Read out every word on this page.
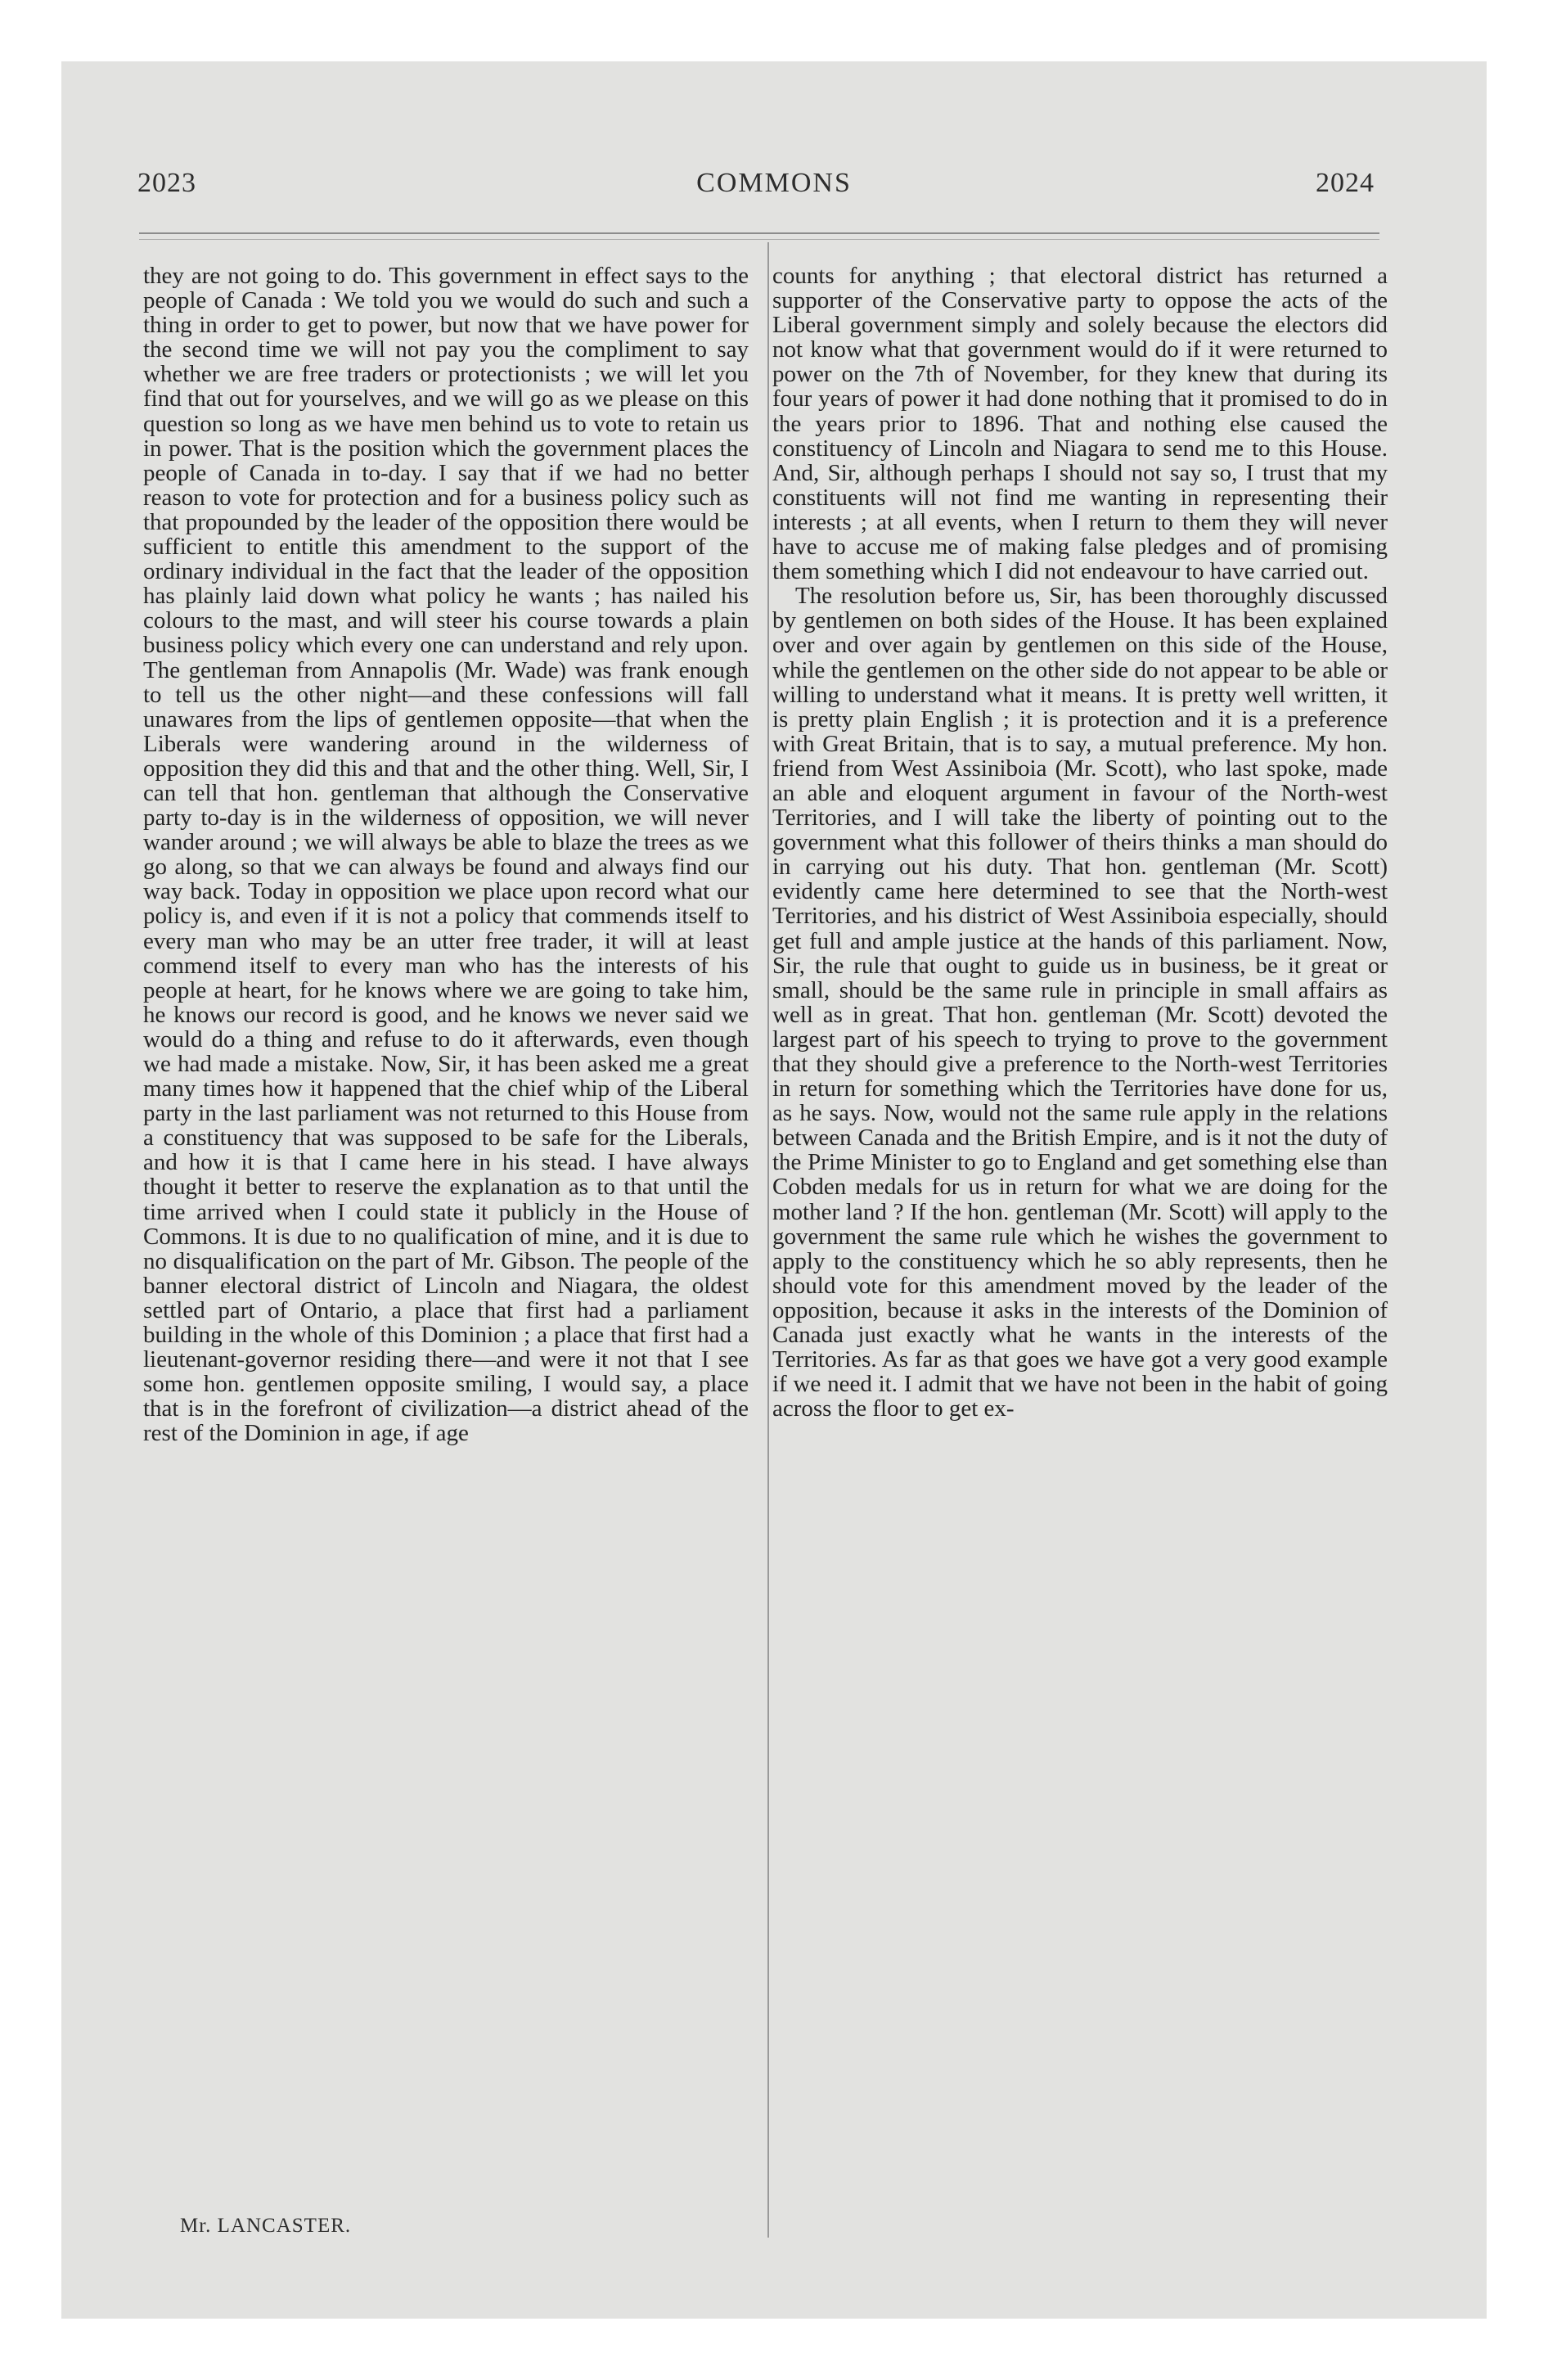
2023	COMMONS	2024

they are not going to do. This government in effect says to the people of Canada : We told you we would do such and such a thing in order to get to power, but now that we have power for the second time we will not pay you the compliment to say whether we are free traders or protectionists ; we will let you find that out for yourselves, and we will go as we please on this question so long as we have men behind us to vote to retain us in power. That is the position which the government places the people of Canada in to-day. I say that if we had no better reason to vote for protection and for a business policy such as that propounded by the leader of the opposition there would be sufficient to entitle this amendment to the support of the ordinary individual in the fact that the leader of the opposition has plainly laid down what policy he wants ; has nailed his colours to the mast, and will steer his course towards a plain business policy which every one can understand and rely upon. The gentleman from Annapolis (Mr. Wade) was frank enough to tell us the other night—and these confessions will fall unawares from the lips of gentlemen opposite—that when the Liberals were wandering around in the wilderness of opposition they did this and that and the other thing. Well, Sir, I can tell that hon. gentleman that although the Conservative party to-day is in the wilderness of opposition, we will never wander around ; we will always be able to blaze the trees as we go along, so that we can always be found and always find our way back. Today in opposition we place upon record what our policy is, and even if it is not a policy that commends itself to every man who may be an utter free trader, it will at least commend itself to every man who has the interests of his people at heart, for he knows where we are going to take him, he knows our record is good, and he knows we never said we would do a thing and refuse to do it afterwards, even though we had made a mistake. Now, Sir, it has been asked me a great many times how it happened that the chief whip of the Liberal party in the last parliament was not returned to this House from a constituency that was supposed to be safe for the Liberals, and how it is that I came here in his stead. I have always thought it better to reserve the explanation as to that until the time arrived when I could state it publicly in the House of Commons. It is due to no qualification of mine, and it is due to no disqualification on the part of Mr. Gibson. The people of the banner electoral district of Lincoln and Niagara, the oldest settled part of Ontario, a place that first had a parliament building in the whole of this Dominion ; a place that first had a lieutenant-governor residing there—and were it not that I see some hon. gentlemen opposite smiling, I would say, a place that is in the forefront of civilization—a district ahead of the rest of the Dominion in age, if age

counts for anything ; that electoral district has returned a supporter of the Conservative party to oppose the acts of the Liberal government simply and solely because the electors did not know what that government would do if it were returned to power on the 7th of November, for they knew that during its four years of power it had done nothing that it promised to do in the years prior to 1896. That and nothing else caused the constituency of Lincoln and Niagara to send me to this House. And, Sir, although perhaps I should not say so, I trust that my constituents will not find me wanting in representing their interests ; at all events, when I return to them they will never have to accuse me of making false pledges and of promising them something which I did not endeavour to have carried out.

The resolution before us, Sir, has been thoroughly discussed by gentlemen on both sides of the House. It has been explained over and over again by gentlemen on this side of the House, while the gentlemen on the other side do not appear to be able or willing to understand what it means. It is pretty well written, it is pretty plain English ; it is protection and it is a preference with Great Britain, that is to say, a mutual preference. My hon. friend from West Assiniboia (Mr. Scott), who last spoke, made an able and eloquent argument in favour of the North-west Territories, and I will take the liberty of pointing out to the government what this follower of theirs thinks a man should do in carrying out his duty. That hon. gentleman (Mr. Scott) evidently came here determined to see that the North-west Territories, and his district of West Assiniboia especially, should get full and ample justice at the hands of this parliament. Now, Sir, the rule that ought to guide us in business, be it great or small, should be the same rule in principle in small affairs as well as in great. That hon. gentleman (Mr. Scott) devoted the largest part of his speech to trying to prove to the government that they should give a preference to the North-west Territories in return for something which the Territories have done for us, as he says. Now, would not the same rule apply in the relations between Canada and the British Empire, and is it not the duty of the Prime Minister to go to England and get something else than Cobden medals for us in return for what we are doing for the mother land ? If the hon. gentleman (Mr. Scott) will apply to the government the same rule which he wishes the government to apply to the constituency which he so ably represents, then he should vote for this amendment moved by the leader of the opposition, because it asks in the interests of the Dominion of Canada just exactly what he wants in the interests of the Territories. As far as that goes we have got a very good example if we need it. I admit that we have not been in the habit of going across the floor to get ex-

Mr. LANCASTER.
